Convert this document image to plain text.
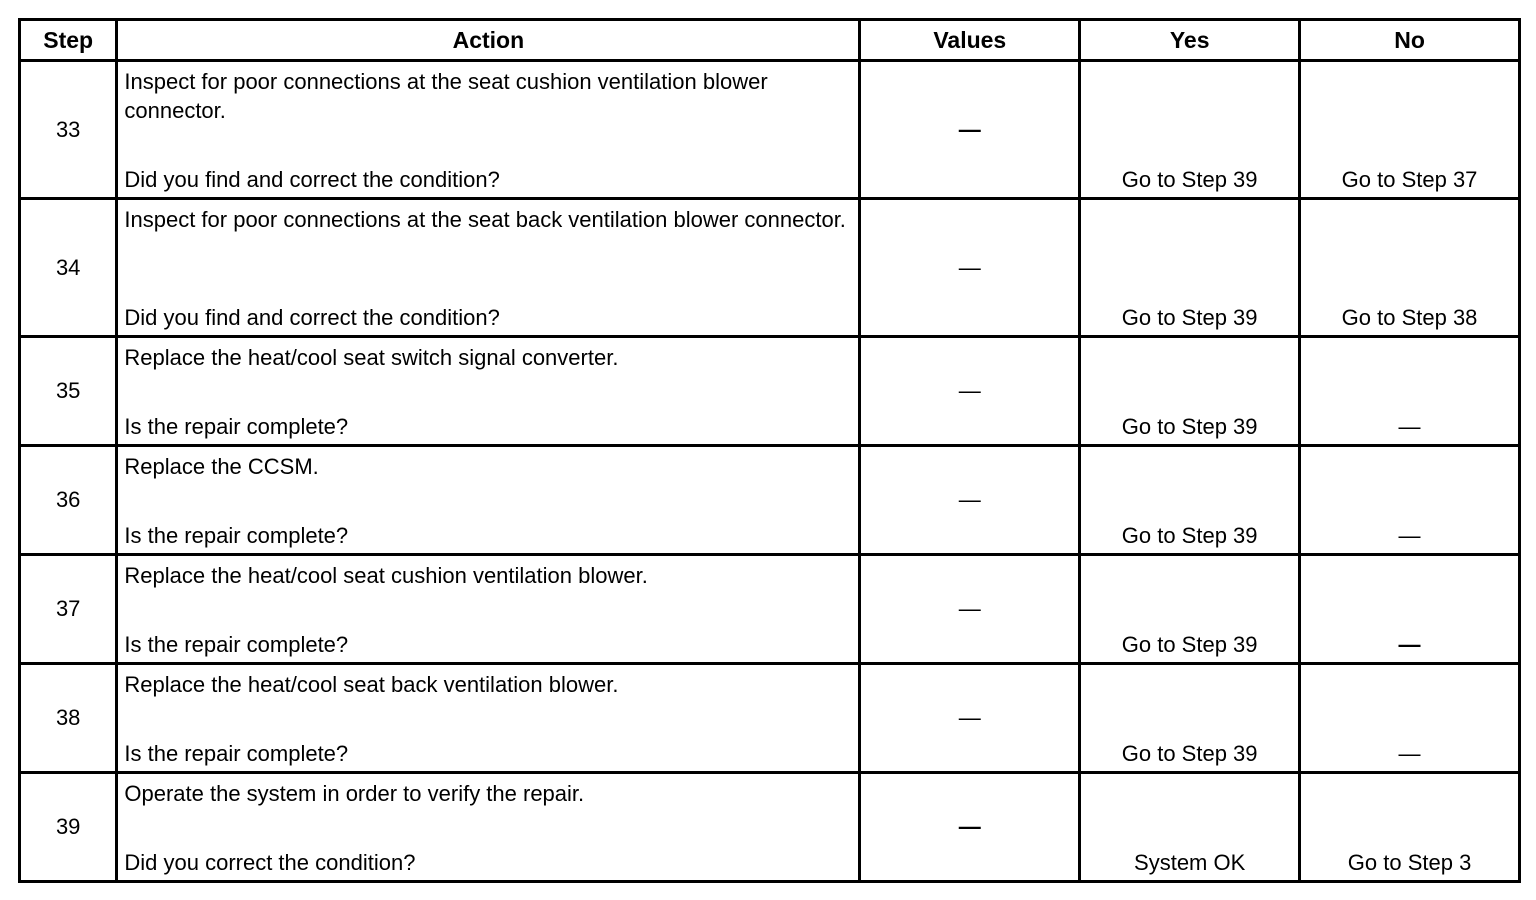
Step	Action	Values	Yes	No
33	Inspect for poor connections at the seat cushion ventilation blower connector.
Did you find and correct the condition?	—	Go to Step 39	Go to Step 37

34	Inspect for poor connections at the seat back ventilation blower connector.
Did you find and correct the condition?	—	Go to Step 39	Go to Step 38

35	Replace the heat/cool seat switch signal converter.
Is the repair complete?	—	Go to Step 39	—

36	Replace the CCSM.
Is the repair complete?	—	Go to Step 39	—

37	Replace the heat/cool seat cushion ventilation blower.
Is the repair complete?	—	Go to Step 39	—

38	Replace the heat/cool seat back ventilation blower.
Is the repair complete?	—	Go to Step 39	—

39	Operate the system in order to verify the repair.
Did you correct the condition?	—	System OK	Go to Step 3
